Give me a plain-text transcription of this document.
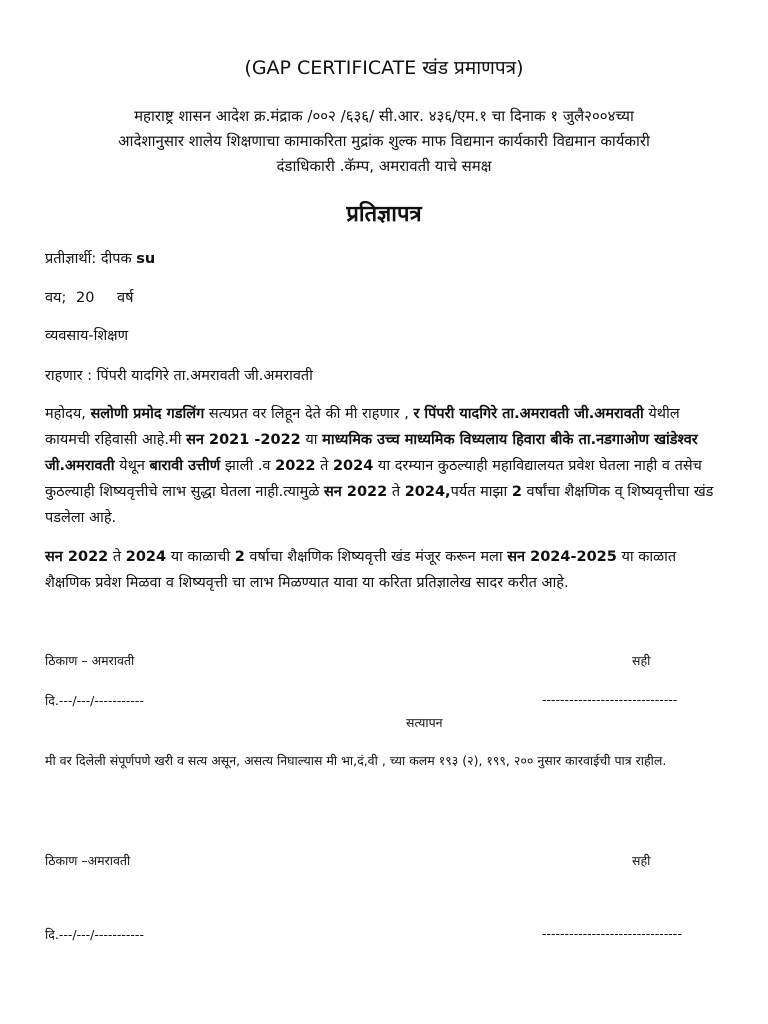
(GAP CERTIFICATE खंड प्रमाणपत्र)
महाराष्ट्र शासन आदेश क्र.मंद्राक /००२ /६३६/ सी.आर. ४३६/एम.१ चा दिनाक १ जुलै२००४च्या
आदेशानुसार शालेय शिक्षणाचा कामाकरिता मुद्रांक शुल्क माफ विद्यमान कार्यकारी विद्यमान कार्यकारी
दंडाधिकारी .कॅम्प, अमरावती याचे समक्ष
प्रतिज्ञापत्र
प्रतीज्ञार्थी: दीपक su
वय; 20 वर्ष
व्यवसाय-शिक्षण
राहणार : पिंपरी यादगिरे ता.अमरावती जी.अमरावती
महोदय, सलोणी प्रमोद गडलिंग सत्यप्रत वर लिहून देते की मी राहणार , र पिंपरी यादगिरे ता.अमरावती जी.अमरावती येथील कायमची रहिवासी आहे.मी सन 2021 -2022 या माध्यमिक उच्च माध्यमिक विध्यलाय हिवारा बीके ता.नडगाओण खांडेश्वर जी.अमरावती येथून बारावी उत्तीर्ण झाली .व 2022 ते 2024 या दरम्यान कुठल्याही महाविद्यालयत प्रवेश घेतला नाही व तसेच कुठल्याही शिष्यवृत्तीचे लाभ सुद्धा घेतला नाही.त्यामुळे सन 2022 ते 2024,पर्यत माझा 2 वर्षांचा शैक्षणिक व् शिष्यवृत्तीचा खंड पडलेला आहे.
सन 2022 ते 2024 या काळाची 2 वर्षाचा शैक्षणिक शिष्यवृत्ती खंड मंजूर करून मला सन 2024-2025 या काळात शैक्षणिक प्रवेश मिळवा व शिष्यवृत्ती चा लाभ मिळण्यात यावा या करिता प्रतिज्ञालेख सादर करीत आहे.
ठिकाण – अमरावती	सही
दि.---/---/-----------	------------------------------
सत्यापन
मी वर दिलेली संपूर्णपणे खरी व सत्य असून, असत्य निघाल्यास मी भा,दं,वी , च्या कलम १९३ (२), १९९, २०० नुसार कारवाईची पात्र राहील.
ठिकाण –अमरावती	सही
दि.---/---/-----------	-------------------------------
